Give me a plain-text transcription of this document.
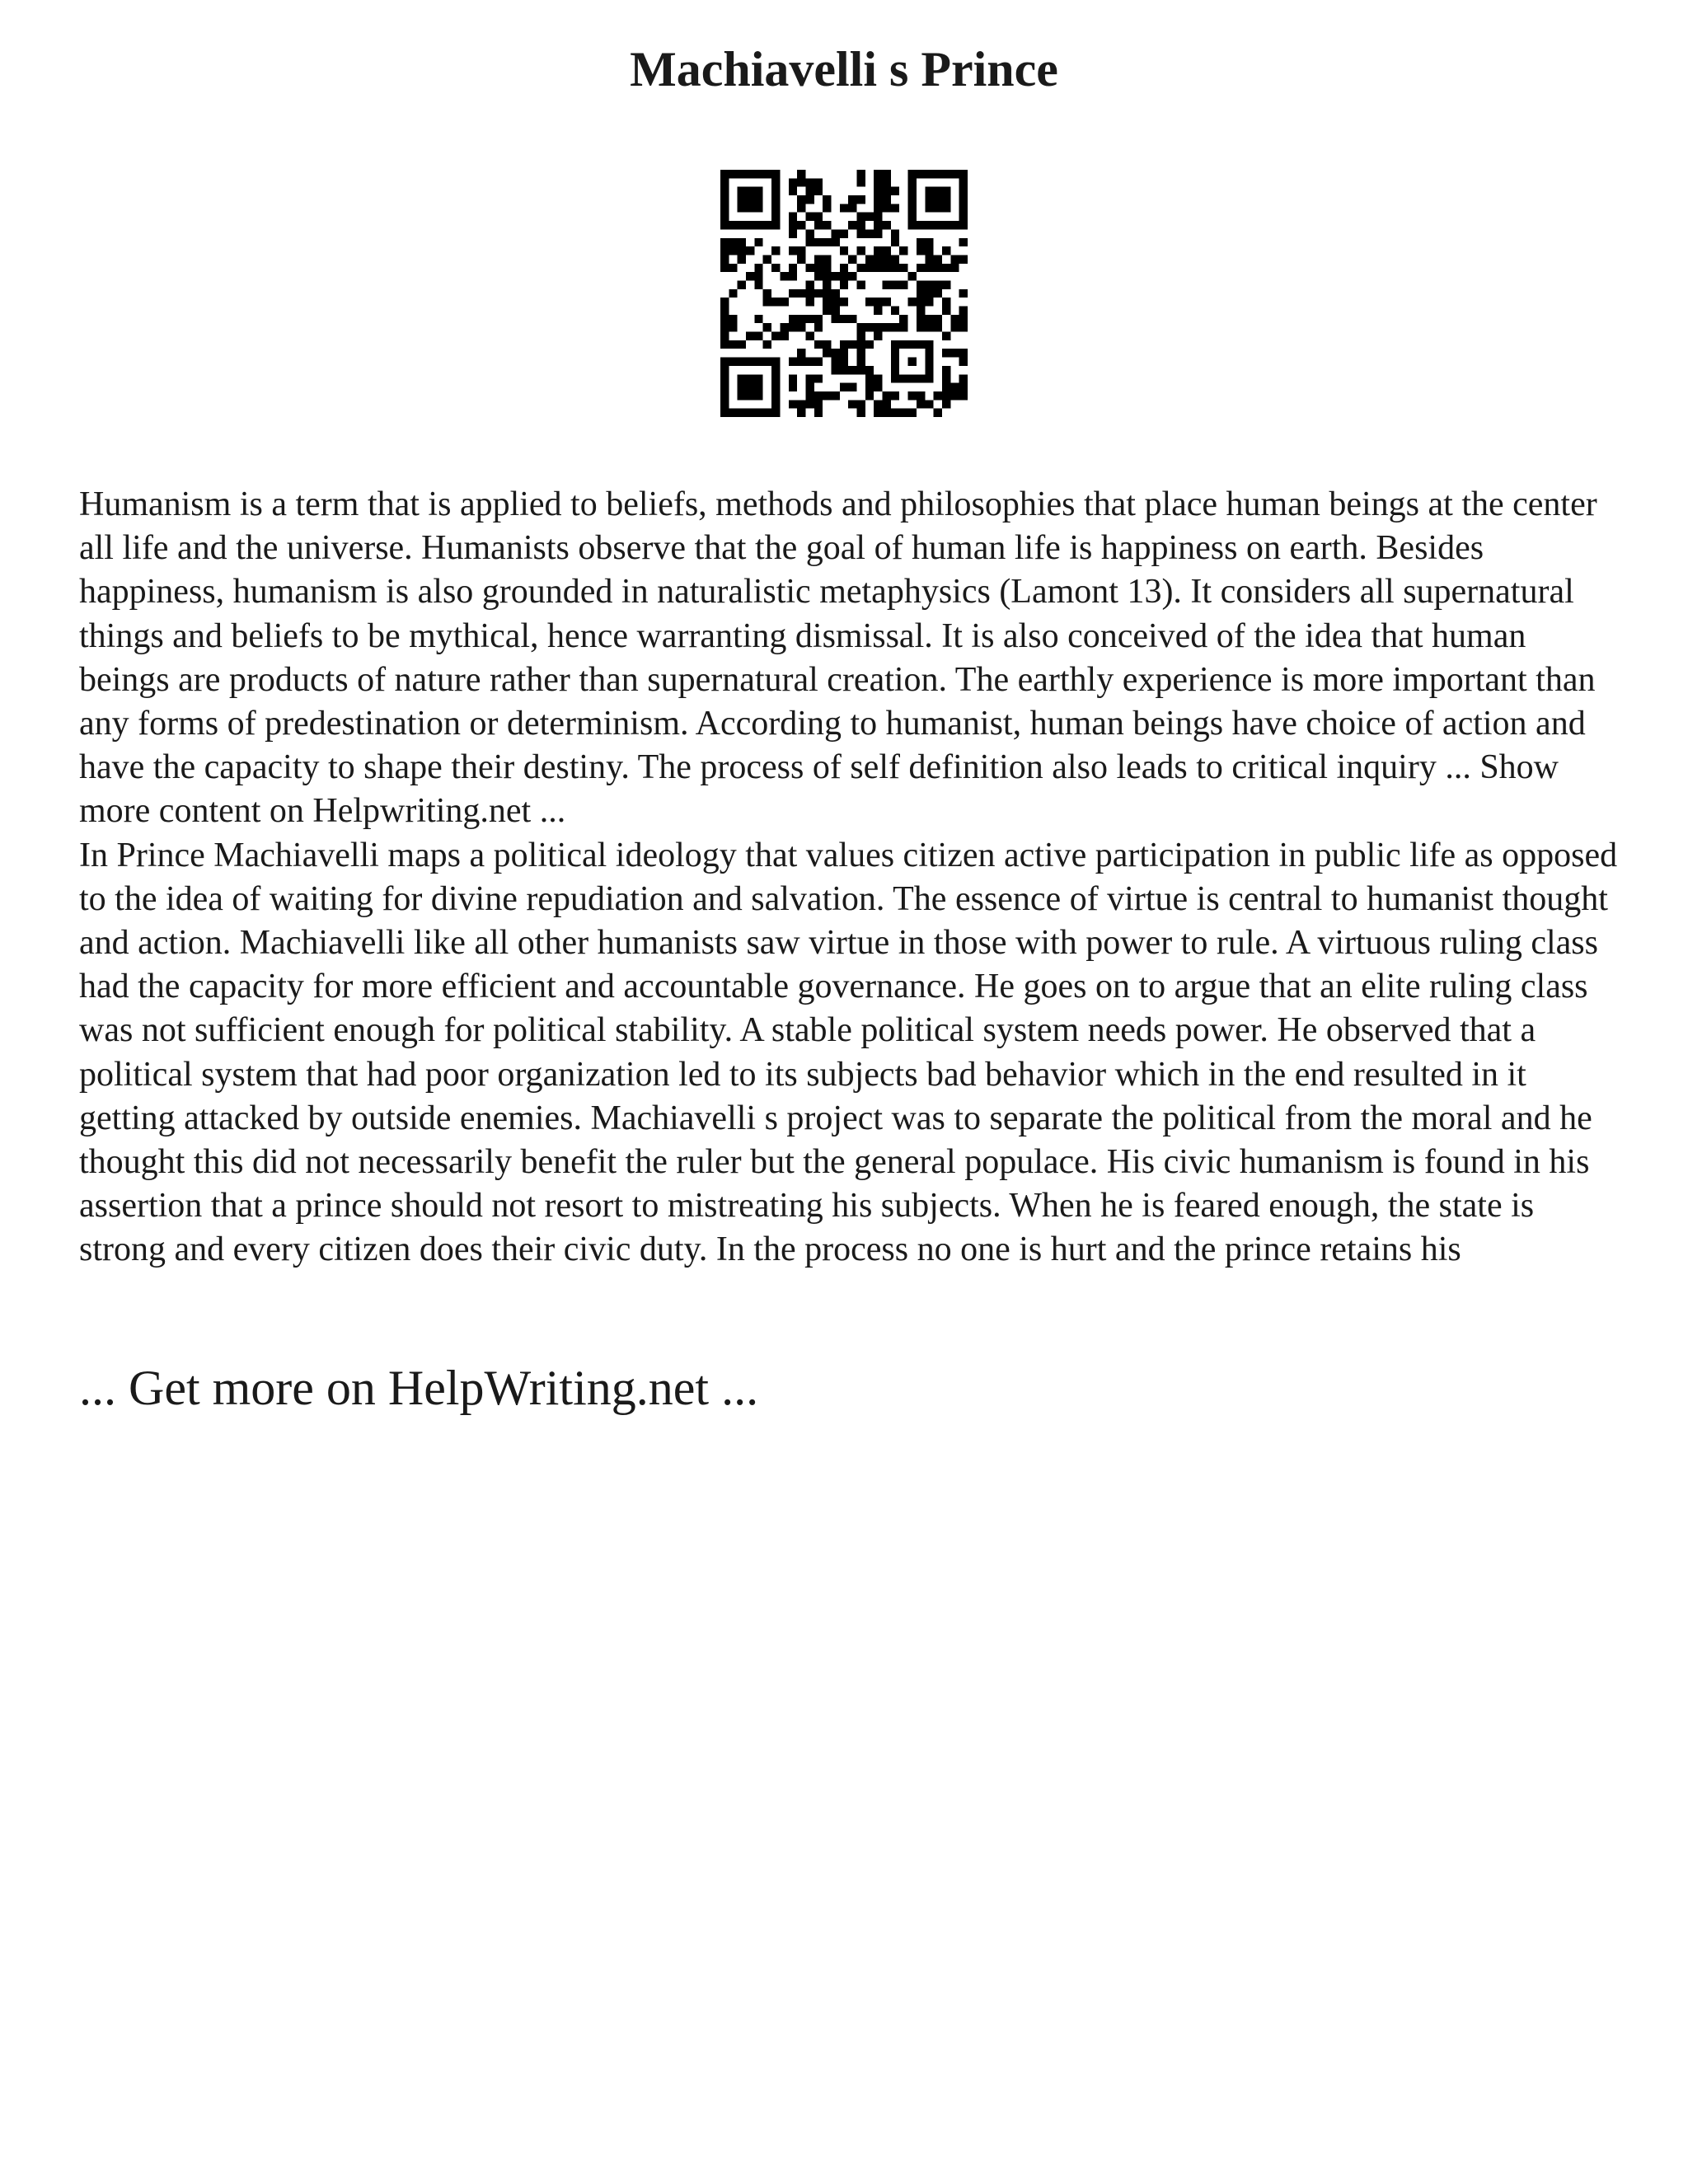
Machiavelli s Prince

Humanism is a term that is applied to beliefs, methods and philosophies that place human beings at the center all life and the universe. Humanists observe that the goal of human life is happiness on earth. Besides happiness, humanism is also grounded in naturalistic metaphysics (Lamont 13). It considers all supernatural things and beliefs to be mythical, hence warranting dismissal. It is also conceived of the idea that human beings are products of nature rather than supernatural creation. The earthly experience is more important than any forms of predestination or determinism. According to humanist, human beings have choice of action and have the capacity to shape their destiny. The process of self definition also leads to critical inquiry ... Show more content on Helpwriting.net ...

In Prince Machiavelli maps a political ideology that values citizen active participation in public life as opposed to the idea of waiting for divine repudiation and salvation. The essence of virtue is central to humanist thought and action. Machiavelli like all other humanists saw virtue in those with power to rule. A virtuous ruling class had the capacity for more efficient and accountable governance. He goes on to argue that an elite ruling class was not sufficient enough for political stability. A stable political system needs power. He observed that a political system that had poor organization led to its subjects bad behavior which in the end resulted in it getting attacked by outside enemies. Machiavelli s project was to separate the political from the moral and he thought this did not necessarily benefit the ruler but the general populace. His civic humanism is found in his assertion that a prince should not resort to mistreating his subjects. When he is feared enough, the state is strong and every citizen does their civic duty. In the process no one is hurt and the prince retains his

... Get more on HelpWriting.net ...
